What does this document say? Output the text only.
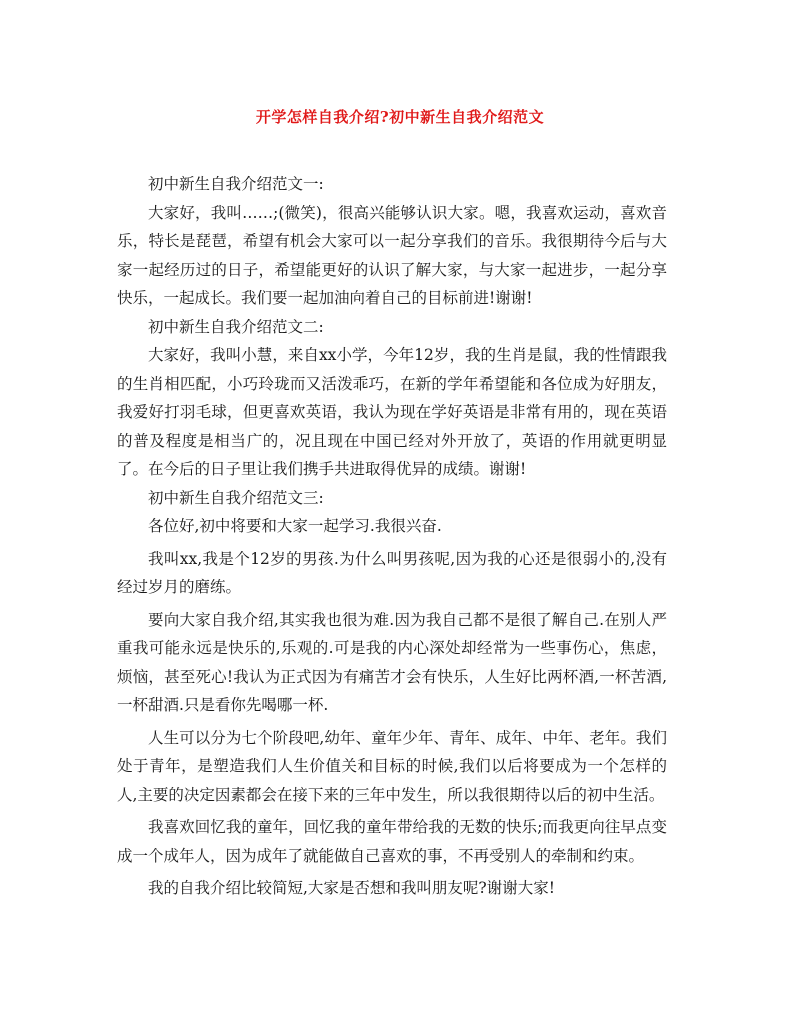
开学怎样自我介绍?初中新生自我介绍范文

初中新生自我介绍范文一:

大家好，我叫……;(微笑)，很高兴能够认识大家。嗯，我喜欢运动，喜欢音乐，特长是琵琶，希望有机会大家可以一起分享我们的音乐。我很期待今后与大家一起经历过的日子，希望能更好的认识了解大家，与大家一起进步，一起分享快乐，一起成长。我们要一起加油向着自己的目标前进!谢谢!

初中新生自我介绍范文二:

大家好，我叫小慧，来自xx小学，今年12岁，我的生肖是鼠，我的性情跟我的生肖相匹配，小巧玲珑而又活泼乖巧，在新的学年希望能和各位成为好朋友，我爱好打羽毛球，但更喜欢英语，我认为现在学好英语是非常有用的，现在英语的普及程度是相当广的，况且现在中国已经对外开放了，英语的作用就更明显了。在今后的日子里让我们携手共进取得优异的成绩。谢谢!

初中新生自我介绍范文三:

各位好,初中将要和大家一起学习.我很兴奋.

我叫xx,我是个12岁的男孩.为什么叫男孩呢,因为我的心还是很弱小的,没有经过岁月的磨练。

要向大家自我介绍,其实我也很为难.因为我自己都不是很了解自己.在别人严重我可能永远是快乐的,乐观的.可是我的内心深处却经常为一些事伤心，焦虑，烦恼，甚至死心!我认为正式因为有痛苦才会有快乐，人生好比两杯酒,一杯苦酒,一杯甜酒.只是看你先喝哪一杯.

人生可以分为七个阶段吧,幼年、童年少年、青年、成年、中年、老年。我们处于青年，是塑造我们人生价值关和目标的时候,我们以后将要成为一个怎样的人,主要的决定因素都会在接下来的三年中发生，所以我很期待以后的初中生活。

我喜欢回忆我的童年，回忆我的童年带给我的无数的快乐;而我更向往早点变成一个成年人，因为成年了就能做自己喜欢的事，不再受别人的牵制和约束。

我的自我介绍比较简短,大家是否想和我叫朋友呢?谢谢大家!
